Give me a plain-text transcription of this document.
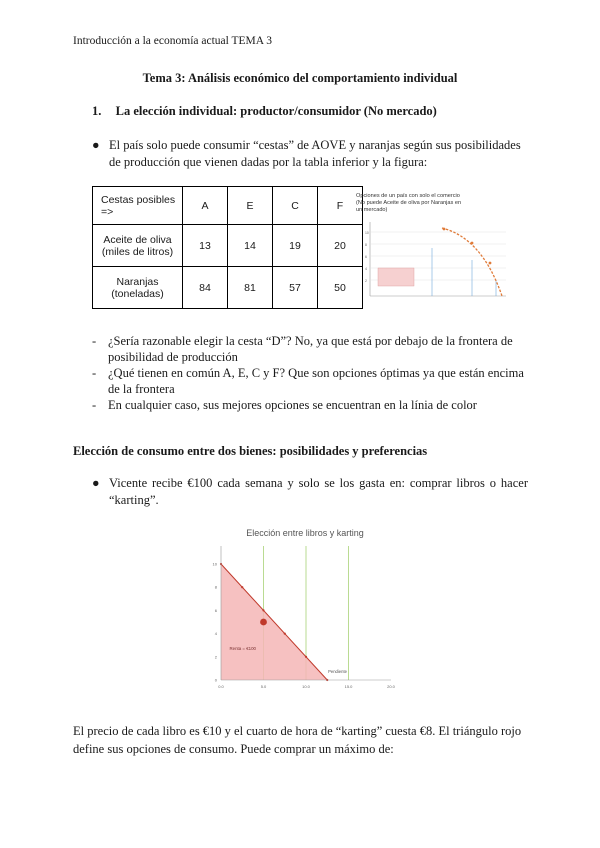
Introducción a la economía actual TEMA 3
Tema 3: Análisis económico del comportamiento individual
1. La elección individual: productor/consumidor (No mercado)
● El país solo puede consumir “cestas” de AOVE y naranjas según sus posibilidades de producción que vienen dadas por la tabla inferior y la figura:
Cestas posibles =>	A	E	C	F
Aceite de oliva (miles de litros)	13	14	19	20
Naranjas (toneladas)	84	81	57	50
Opciones de un país con solo el comercio (No puede Aceite de oliva por Naranjas en un mercado)
10
8
6
4
2
- ¿Sería razonable elegir la cesta “D”? No, ya que está por debajo de la frontera de posibilidad de producción
- ¿Qué tienen en común A, E, C y F? Que son opciones óptimas ya que están encima de la frontera
- En cualquier caso, sus mejores opciones se encuentran en la línia de color
Elección de consumo entre dos bienes: posibilidades y preferencias
● Vicente recibe €100 cada semana y solo se los gasta en: comprar libros o hacer “karting”.
Elección entre libros y karting
Renta = €100
Pendiente
0.0	5.0	10.0	15.0	20.0
0
2
4
6
8
10
El precio de cada libro es €10 y el cuarto de hora de “karting” cuesta €8. El triángulo rojo define sus opciones de consumo. Puede comprar un máximo de:
